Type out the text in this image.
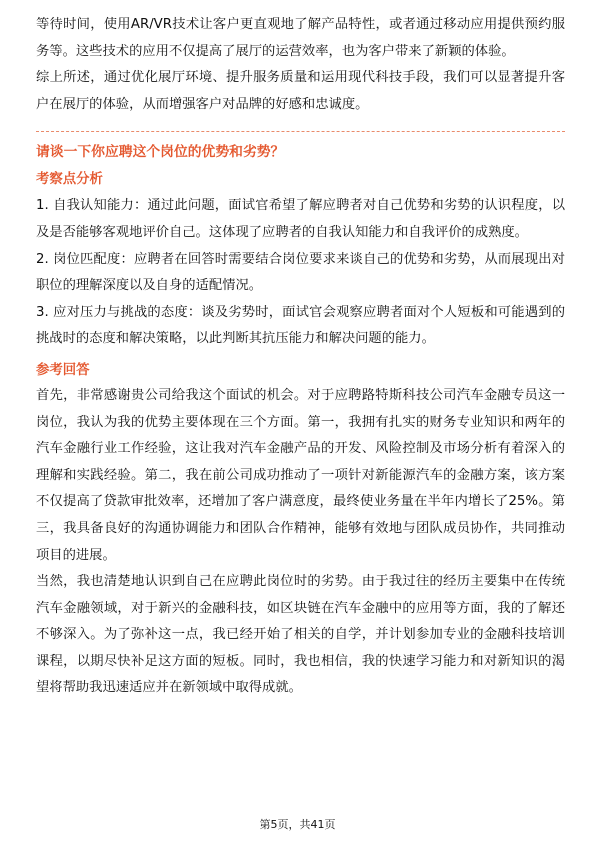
等待时间，使用AR/VR技术让客户更直观地了解产品特性，或者通过移动应用提供预约服务等。这些技术的应用不仅提高了展厅的运营效率，也为客户带来了新颖的体验。

综上所述，通过优化展厅环境、提升服务质量和运用现代科技手段，我们可以显著提升客户在展厅的体验，从而增强客户对品牌的好感和忠诚度。

请谈一下你应聘这个岗位的优势和劣势？
考察点分析

1. 自我认知能力：通过此问题，面试官希望了解应聘者对自己优势和劣势的认识程度，以及是否能够客观地评价自己。这体现了应聘者的自我认知能力和自我评价的成熟度。

2. 岗位匹配度：应聘者在回答时需要结合岗位要求来谈自己的优势和劣势，从而展现出对职位的理解深度以及自身的适配情况。

3. 应对压力与挑战的态度：谈及劣势时，面试官会观察应聘者面对个人短板和可能遇到的挑战时的态度和解决策略，以此判断其抗压能力和解决问题的能力。

参考回答

首先，非常感谢贵公司给我这个面试的机会。对于应聘路特斯科技公司汽车金融专员这一岗位，我认为我的优势主要体现在三个方面。第一，我拥有扎实的财务专业知识和两年的汽车金融行业工作经验，这让我对汽车金融产品的开发、风险控制及市场分析有着深入的理解和实践经验。第二，我在前公司成功推动了一项针对新能源汽车的金融方案，该方案不仅提高了贷款审批效率，还增加了客户满意度，最终使业务量在半年内增长了25%。第三，我具备良好的沟通协调能力和团队合作精神，能够有效地与团队成员协作，共同推动项目的进展。

当然，我也清楚地认识到自己在应聘此岗位时的劣势。由于我过往的经历主要集中在传统汽车金融领域，对于新兴的金融科技，如区块链在汽车金融中的应用等方面，我的了解还不够深入。为了弥补这一点，我已经开始了相关的自学，并计划参加专业的金融科技培训课程，以期尽快补足这方面的短板。同时，我也相信，我的快速学习能力和对新知识的渴望将帮助我迅速适应并在新领域中取得成就。

第5页，共41页
